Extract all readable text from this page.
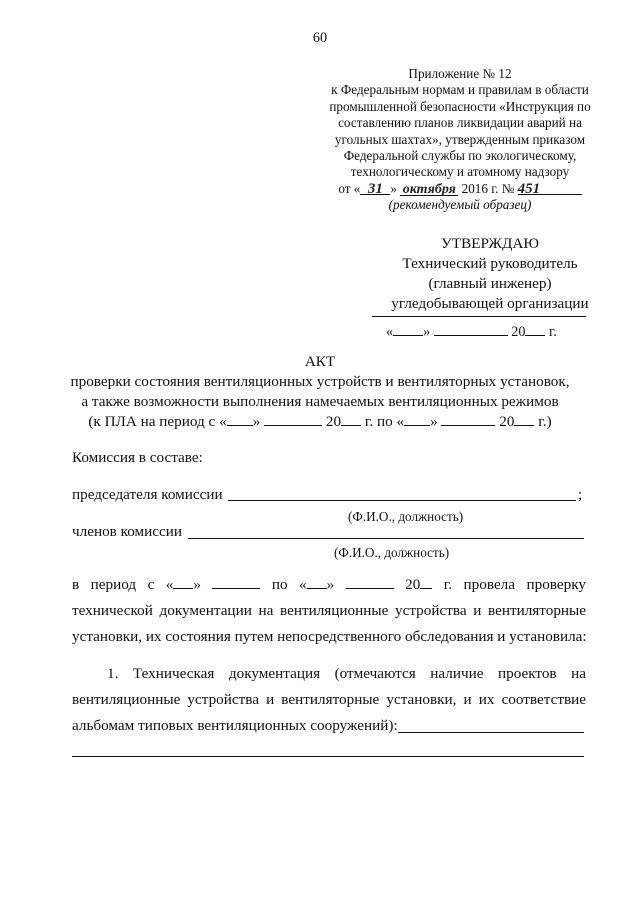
60
Приложение № 12
к Федеральным нормам и правилам в области
промышленной безопасности «Инструкция по
составлению планов ликвидации аварий на
угольных шахтах», утвержденным приказом
Федеральной службы по экологическому,
технологическому и атомному надзору
от « 31 » октября 2016 г. № 451
(рекомендуемый образец)
УТВЕРЖДАЮ
Технический руководитель
(главный инженер)
угледобывающей организации
« »	20 г.
АКТ
проверки состояния вентиляционных устройств и вентиляторных установок,
а также возможности выполнения намечаемых вентиляционных режимов
(к ПЛА на период с « »	20 г. по « »	20 г.)
Комиссия в составе:
председателя комиссии	;
(Ф.И.О., должность)
членов комиссии
(Ф.И.О., должность)
в период с « »	по « »	20	г. провела проверку
технической документации на вентиляционные устройства и вентиляторные
установки, их состояния путем непосредственного обследования и установила:
1. Техническая документация (отмечаются наличие проектов на
вентиляционные устройства и вентиляторные установки, и их соответствие
альбомам типовых вентиляционных сооружений):
